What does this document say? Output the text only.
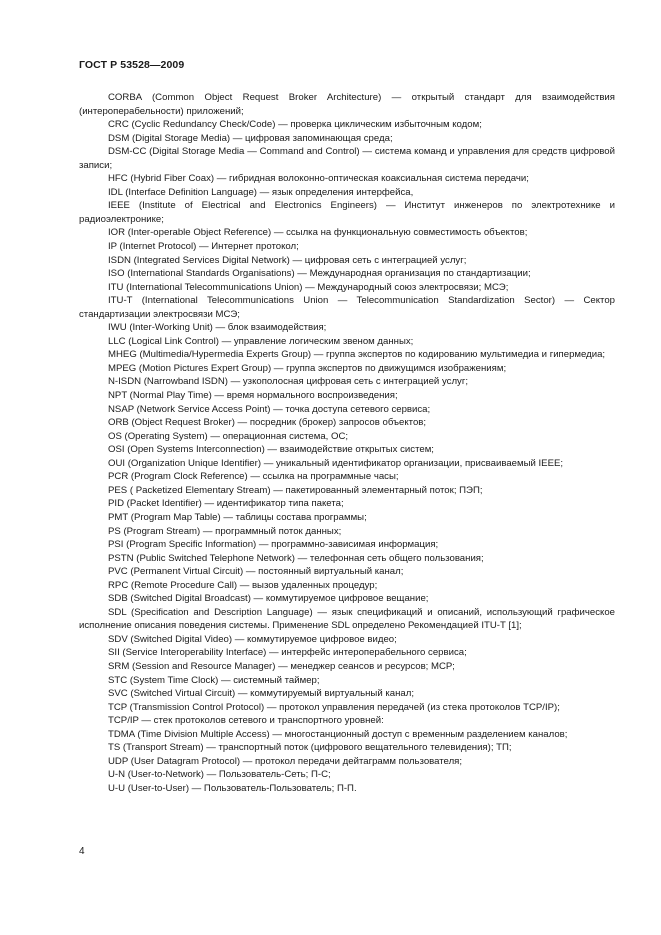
ГОСТ Р 53528—2009

CORBA (Common Object Request Broker Architecture) — открытый стандарт для взаимодействия (интероперабельности) приложений;

CRC (Cyclic Redundancy Check/Code) — проверка циклическим избыточным кодом;

DSM (Digital Storage Media) — цифровая запоминающая среда;

DSM-CC (Digital Storage Media — Command and Control) — система команд и управления для средств цифровой записи;

HFC (Hybrid Fiber Coax) — гибридная волоконно-оптическая коаксиальная система передачи;

IDL (Interface Definition Language) — язык определения интерфейса,

IEEE (Institute of Electrical and Electronics Engineers) — Институт инженеров по электротехнике и радиоэлектронике;

IOR (Inter-operable Object Reference) — ссылка на функциональную совместимость объектов;

IP (Internet Protocol) — Интернет протокол;

ISDN (Integrated Services Digital Network) — цифровая сеть с интеграцией услуг;

ISO (International Standards Organisations) — Международная организация по стандартизации;

ITU (International Telecommunications Union) — Международный союз электросвязи; МСЭ;

ITU-T (International Telecommunications Union — Telecommunication Standardization Sector) — Сектор стандартизации электросвязи МСЭ;

IWU (Inter-Working Unit) — блок взаимодействия;

LLC (Logical Link Control) — управление логическим звеном данных;

MHEG (Multimedia/Hypermedia Experts Group) — группа экспертов по кодированию мультимедиа и гипермедиа;

MPEG (Motion Pictures Expert Group) — группа экспертов по движущимся изображениям;

N-ISDN (Narrowband ISDN) — узкополосная цифровая сеть с интеграцией услуг;

NPT (Normal Play Time) — время нормального воспроизведения;

NSAP (Network Service Access Point) — точка доступа сетевого сервиса;

ORB (Object Request Broker) — посредник (брокер) запросов объектов;

OS (Operating System) — операционная система, ОС;

OSI (Open Systems Interconnection) — взаимодействие открытых систем;

OUI (Organization Unique Identifier) — уникальный идентификатор организации, присваиваемый IEEE;

PCR (Program Clock Reference) — ссылка на программные часы;

PES ( Packetized Elementary Stream) — пакетированный элементарный поток; ПЭП;

PID (Packet Identifier) — идентификатор типа пакета;

PMT (Program Map Table) — таблицы состава программы;

PS (Program Stream) — программный поток данных;

PSI (Program Specific Information) — программно-зависимая информация;

PSTN (Public Switched Telephone Network) — телефонная сеть общего пользования;

PVC (Permanent Virtual Circuit) — постоянный виртуальный канал;

RPC (Remote Procedure Call) — вызов удаленных процедур;

SDB (Switched Digital Broadcast) — коммутируемое цифровое вещание;

SDL (Specification and Description Language) — язык спецификаций и описаний, использующий графическое исполнение описания поведения системы. Применение SDL определено Рекомендацией ITU-T [1];

SDV (Switched Digital Video) — коммутируемое цифровое видео;

SII (Service Interoperability Interface) — интерфейс интероперабельного сервиса;

SRM (Session and Resource Manager) — менеджер сеансов и ресурсов; МСР;

STC (System Time Clock) — системный таймер;

SVC (Switched Virtual Circuit) — коммутируемый виртуальный канал;

TCP (Transmission Control Protocol) — протокол управления передачей (из стека протоколов TCP/IP);

TCP/IP — стек протоколов сетевого и транспортного уровней:

TDMA (Time Division Multiple Access) — многостанционный доступ с временным разделением каналов;

TS (Transport Stream) — транспортный поток (цифрового вещательного телевидения); ТП;

UDP (User Datagram Protocol) — протокол передачи дейтаграмм пользователя;

U-N (User-to-Network) — Пользователь-Сеть; П-С;

U-U (User-to-User) — Пользователь-Пользователь; П-П.

4
